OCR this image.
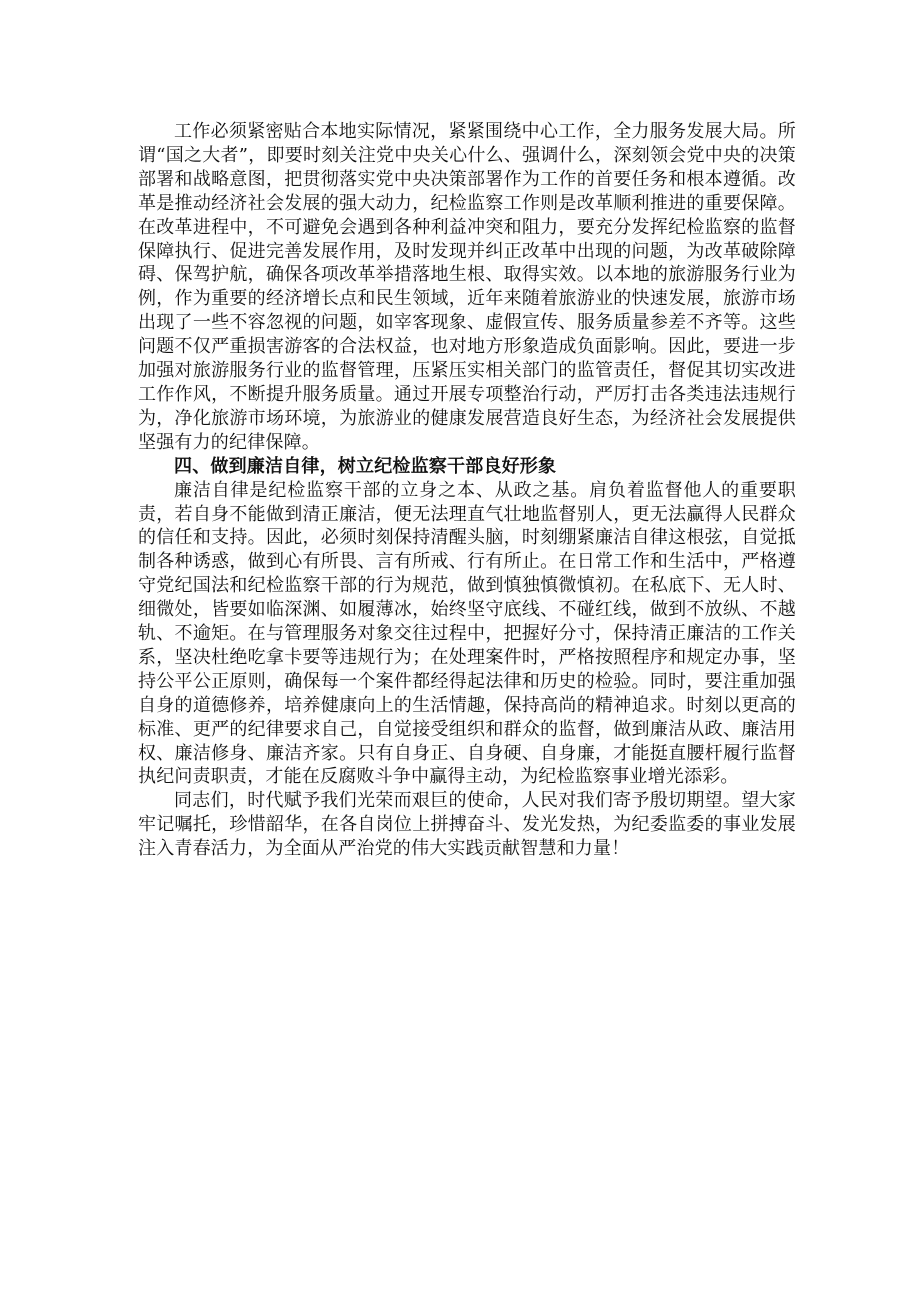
工作必须紧密贴合本地实际情况，紧紧围绕中心工作，全力服务发展大局。所谓“国之大者”，即要时刻关注党中央关心什么、强调什么，深刻领会党中央的决策部署和战略意图，把贯彻落实党中央决策部署作为工作的首要任务和根本遵循。改革是推动经济社会发展的强大动力，纪检监察工作则是改革顺利推进的重要保障。在改革进程中，不可避免会遇到各种利益冲突和阻力，要充分发挥纪检监察的监督保障执行、促进完善发展作用，及时发现并纠正改革中出现的问题，为改革破除障碍、保驾护航，确保各项改革举措落地生根、取得实效。以本地的旅游服务行业为例，作为重要的经济增长点和民生领域，近年来随着旅游业的快速发展，旅游市场出现了一些不容忽视的问题，如宰客现象、虚假宣传、服务质量参差不齐等。这些问题不仅严重损害游客的合法权益，也对地方形象造成负面影响。因此，要进一步加强对旅游服务行业的监督管理，压紧压实相关部门的监管责任，督促其切实改进工作作风，不断提升服务质量。通过开展专项整治行动，严厉打击各类违法违规行为，净化旅游市场环境，为旅游业的健康发展营造良好生态，为经济社会发展提供坚强有力的纪律保障。

四、做到廉洁自律，树立纪检监察干部良好形象

廉洁自律是纪检监察干部的立身之本、从政之基。肩负着监督他人的重要职责，若自身不能做到清正廉洁，便无法理直气壮地监督别人，更无法赢得人民群众的信任和支持。因此，必须时刻保持清醒头脑，时刻绷紧廉洁自律这根弦，自觉抵制各种诱惑，做到心有所畏、言有所戒、行有所止。在日常工作和生活中，严格遵守党纪国法和纪检监察干部的行为规范，做到慎独慎微慎初。在私底下、无人时、细微处，皆要如临深渊、如履薄冰，始终坚守底线、不碰红线，做到不放纵、不越轨、不逾矩。在与管理服务对象交往过程中，把握好分寸，保持清正廉洁的工作关系，坚决杜绝吃拿卡要等违规行为；在处理案件时，严格按照程序和规定办事，坚持公平公正原则，确保每一个案件都经得起法律和历史的检验。同时，要注重加强自身的道德修养，培养健康向上的生活情趣，保持高尚的精神追求。时刻以更高的标准、更严的纪律要求自己，自觉接受组织和群众的监督，做到廉洁从政、廉洁用权、廉洁修身、廉洁齐家。只有自身正、自身硬、自身廉，才能挺直腰杆履行监督执纪问责职责，才能在反腐败斗争中赢得主动，为纪检监察事业增光添彩。

同志们，时代赋予我们光荣而艰巨的使命，人民对我们寄予殷切期望。望大家牢记嘱托，珍惜韶华，在各自岗位上拼搏奋斗、发光发热，为纪委监委的事业发展注入青春活力，为全面从严治党的伟大实践贡献智慧和力量！
